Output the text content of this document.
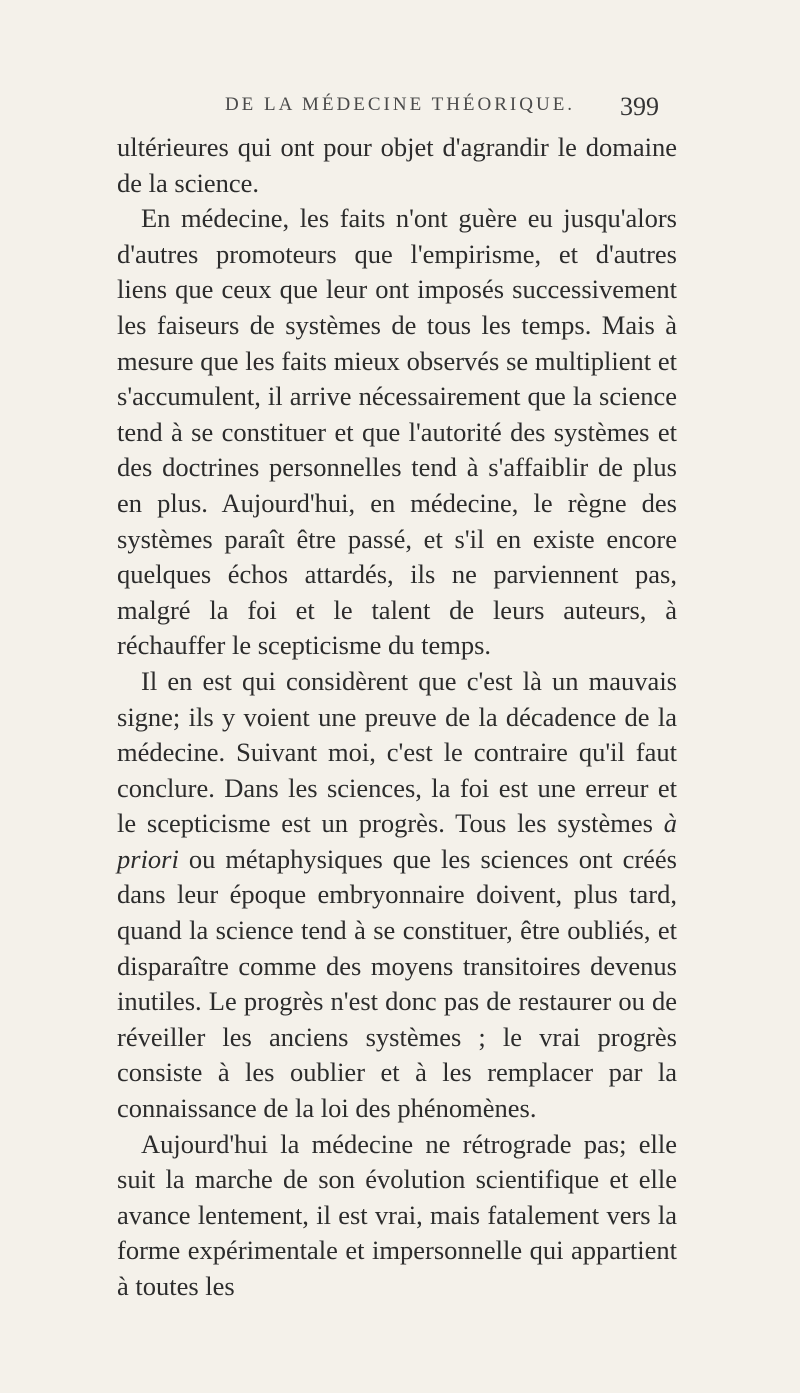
DE LA MÉDECINE THÉORIQUE.	399

ultérieures qui ont pour objet d'agrandir le domaine de la science.

En médecine, les faits n'ont guère eu jusqu'alors d'autres promoteurs que l'empirisme, et d'autres liens que ceux que leur ont imposés successivement les faiseurs de systèmes de tous les temps. Mais à mesure que les faits mieux observés se multiplient et s'accumulent, il arrive nécessairement que la science tend à se constituer et que l'autorité des systèmes et des doctrines personnelles tend à s'affaiblir de plus en plus. Aujourd'hui, en médecine, le règne des systèmes paraît être passé, et s'il en existe encore quelques échos attardés, ils ne parviennent pas, malgré la foi et le talent de leurs auteurs, à réchauffer le scepticisme du temps.

Il en est qui considèrent que c'est là un mauvais signe; ils y voient une preuve de la décadence de la médecine. Suivant moi, c'est le contraire qu'il faut conclure. Dans les sciences, la foi est une erreur et le scepticisme est un progrès. Tous les systèmes à priori ou métaphysiques que les sciences ont créés dans leur époque embryonnaire doivent, plus tard, quand la science tend à se constituer, être oubliés, et disparaître comme des moyens transitoires devenus inutiles. Le progrès n'est donc pas de restaurer ou de réveiller les anciens systèmes ; le vrai progrès consiste à les oublier et à les remplacer par la connaissance de la loi des phénomènes.

Aujourd'hui la médecine ne rétrograde pas; elle suit la marche de son évolution scientifique et elle avance lentement, il est vrai, mais fatalement vers la forme expérimentale et impersonnelle qui appartient à toutes les
